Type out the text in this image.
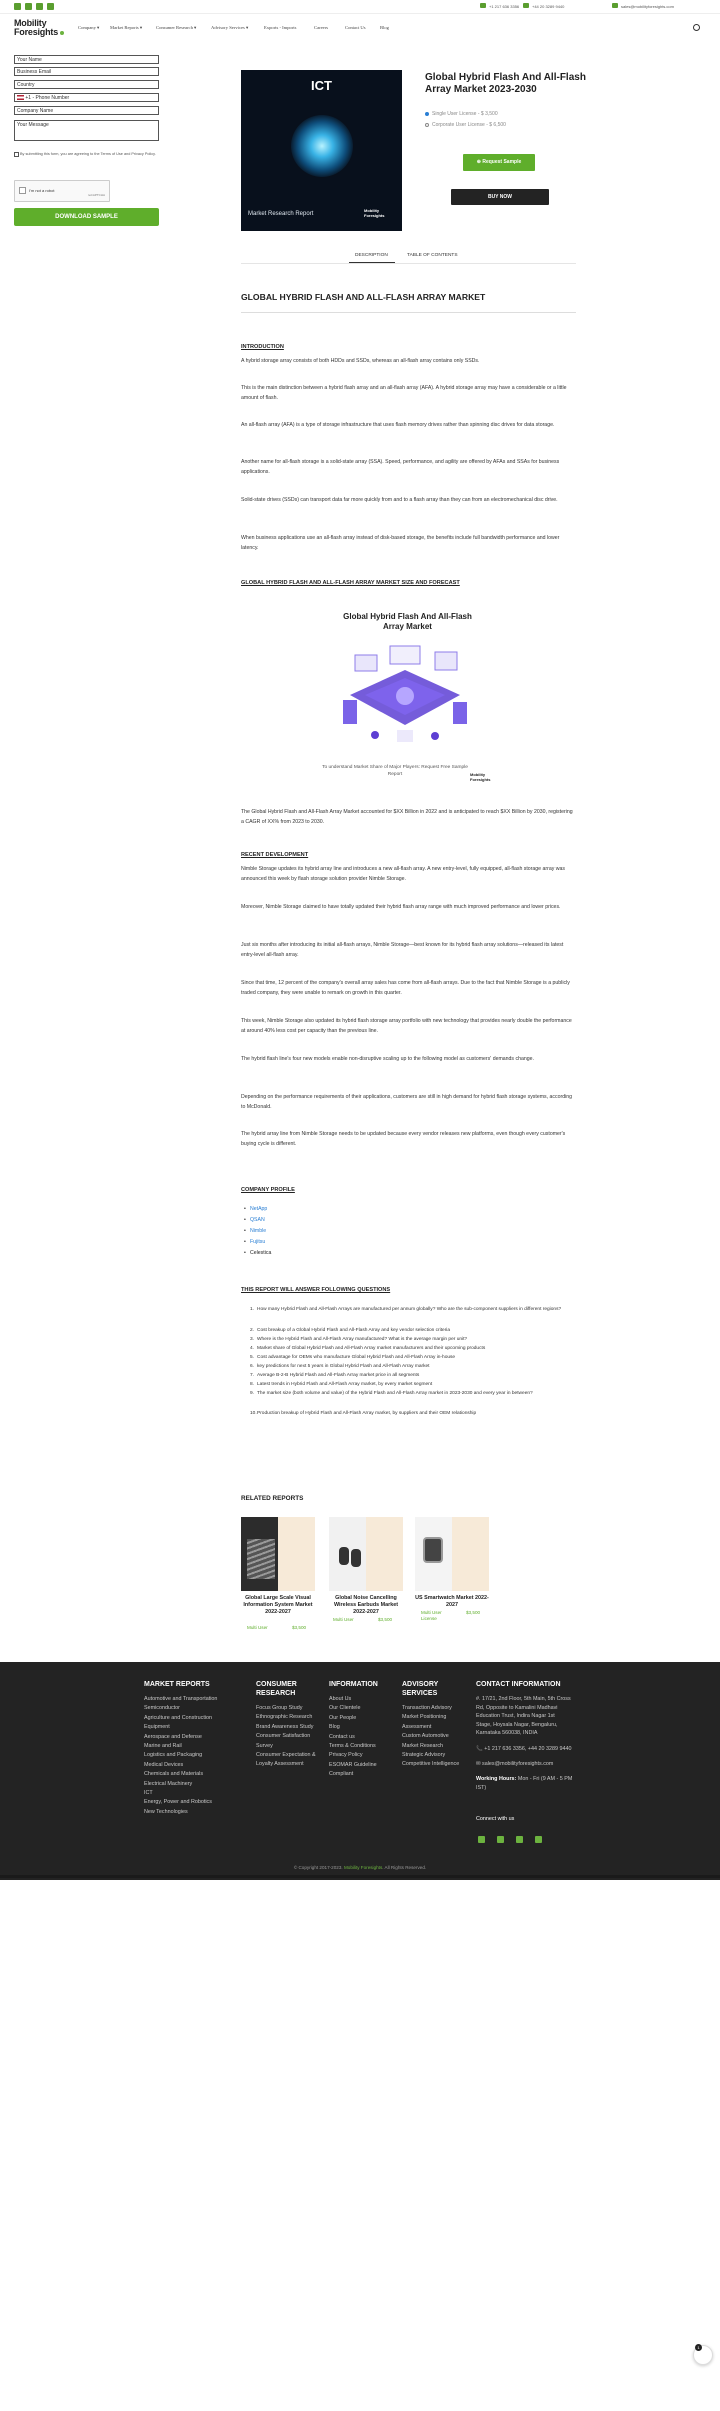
+1 217 636 3356	+44 20 3289 9440	sales@mobilityforesights.com
Mobility
Foresights	Company ▾ Market Reports ▾	Consumer Research ▾	Advisory Services ▾	Exports - Imports	Careers	Contact Us	Blog
Your Name
Business Email
Country
+1 - Phone Number
Company Name
Your Message
By submitting this form, you are agreeing to the Terms of Use and Privacy Policy.
I'm not a robot
reCAPTCHA
DOWNLOAD SAMPLE
ICT
Market Research Report
Mobility
Foresights
Global Hybrid Flash And All-Flash Array Market 2023-2030
Single User License - $ 3,500
Corporate User License - $ 6,500
⊕ Request Sample
BUY NOW
DESCRIPTION	TABLE OF CONTENTS
GLOBAL HYBRID FLASH AND ALL-FLASH ARRAY MARKET
INTRODUCTION
A hybrid storage array consists of both HDDs and SSDs, whereas an all-flash array contains only SSDs.
This is the main distinction between a hybrid flash array and an all-flash array (AFA). A hybrid storage array may have a considerable or a little amount of flash.
An all-flash array (AFA) is a type of storage infrastructure that uses flash memory drives rather than spinning disc drives for data storage.
Another name for all-flash storage is a solid-state array (SSA). Speed, performance, and agility are offered by AFAs and SSAs for business applications.
Solid-state drives (SSDs) can transport data far more quickly from and to a flash array than they can from an electromechanical disc drive.
When business applications use an all-flash array instead of disk-based storage, the benefits include full bandwidth performance and lower latency.
GLOBAL HYBRID FLASH AND ALL-FLASH ARRAY MARKET SIZE AND FORECAST
Global Hybrid Flash And All-Flash Array Market
To understand Market Share of Major Players: Request Free Sample Report	Mobility
Foresights
The Global Hybrid Flash and All-Flash Array Market accounted for $XX Billion in 2022 and is anticipated to reach $XX Billion by 2030, registering a CAGR of XX% from 2023 to 2030.
RECENT DEVELOPMENT
Nimble Storage updates its hybrid array line and introduces a new all-flash array. A new entry-level, fully equipped, all-flash storage array was announced this week by flash storage solution provider Nimble Storage.
Moreover, Nimble Storage claimed to have totally updated their hybrid flash array range with much improved performance and lower prices.
Just six months after introducing its initial all-flash arrays, Nimble Storage—best known for its hybrid flash array solutions—released its latest entry-level all-flash array.
Since that time, 12 percent of the company's overall array sales has come from all-flash arrays. Due to the fact that Nimble Storage is a publicly traded company, they were unable to remark on growth in this quarter.
This week, Nimble Storage also updated its hybrid flash storage array portfolio with new technology that provides nearly double the performance at around 40% less cost per capacity than the previous line.
The hybrid flash line's four new models enable non-disruptive scaling up to the following model as customers' demands change.
Depending on the performance requirements of their applications, customers are still in high demand for hybrid flash storage systems, according to McDonald.
The hybrid array line from Nimble Storage needs to be updated because every vendor releases new platforms, even though every customer's buying cycle is different.
COMPANY PROFILE
• NetApp
• QSAN
• Nimble
• Fujitsu
• Celestica
THIS REPORT WILL ANSWER FOLLOWING QUESTIONS
1. How many Hybrid Flash and All-Flash Arrays are manufactured per annum globally? Who are the sub-component suppliers in different regions?
2. Cost breakup of a Global Hybrid Flash and All-Flash Array and key vendor selection criteria
3. Where is the Hybrid Flash and All-Flash Array manufactured? What is the average margin per unit?
4. Market share of Global Hybrid Flash and All-Flash Array market manufacturers and their upcoming products
5. Cost advantage for OEMs who manufacture Global Hybrid Flash and All-Flash Array in-house
6. key predictions for next 5 years in Global Hybrid Flash and All-Flash Array market
7. Average B-2-B Hybrid Flash and All-Flash Array market price in all segments
8. Latest trends in Hybrid Flash and All-Flash Array market, by every market segment
9. The market size (both volume and value) of the Hybrid Flash and All-Flash Array market in 2023-2030 and every year in between?
10. Production breakup of Hybrid Flash and All-Flash Array market, by suppliers and their OEM relationship
RELATED REPORTS
Global Large Scale Visual Information System Market 2022-2027
Multi User	$3,500
Global Noise Cancelling Wireless Earbuds Market 2022-2027
Multi User	$3,500
US Smartwatch Market 2022-2027
Multi User License
$3,500
MARKET REPORTS
Automotive and Transportation
Semiconductor
Agriculture and Construction Equipment
Aerospace and Defense
Marine and Rail
Logistics and Packaging
Medical Devices
Chemicals and Materials
Electrical Machinery
ICT
Energy, Power and Robotics
New Technologies
CONSUMER RESEARCH
Focus Group Study
Ethnographic Research
Brand Awareness Study
Consumer Satisfaction Survey
Consumer Expectation & Loyalty Assessment
INFORMATION
About Us
Our Clientele
Our People
Blog
Contact us
Terms & Conditions
Privacy Policy
ESOMAR Guideline Compliant
ADVISORY SERVICES
Transaction Advisory
Market Positioning Assessment
Custom Automotive Market Research
Strategic Advisory
Competitive Intelligence
CONTACT INFORMATION
#. 17/21, 2nd Floor, 5th Main, 5th Cross Rd, Opposite to Kamalini Madhavi Education Trust, Indira Nagar 1st Stage, Hoysala Nagar, Bengaluru, Karnataka 560038, INDIA
📞 +1 217 636 3356, +44 20 3289 9440
✉ sales@mobilityforesights.com
Working Hours: Mon - Fri (9 AM - 5 PM IST)
Connect with us
© Copyright 2017-2023. Mobility Foresights. All Rights Reserved.
1
